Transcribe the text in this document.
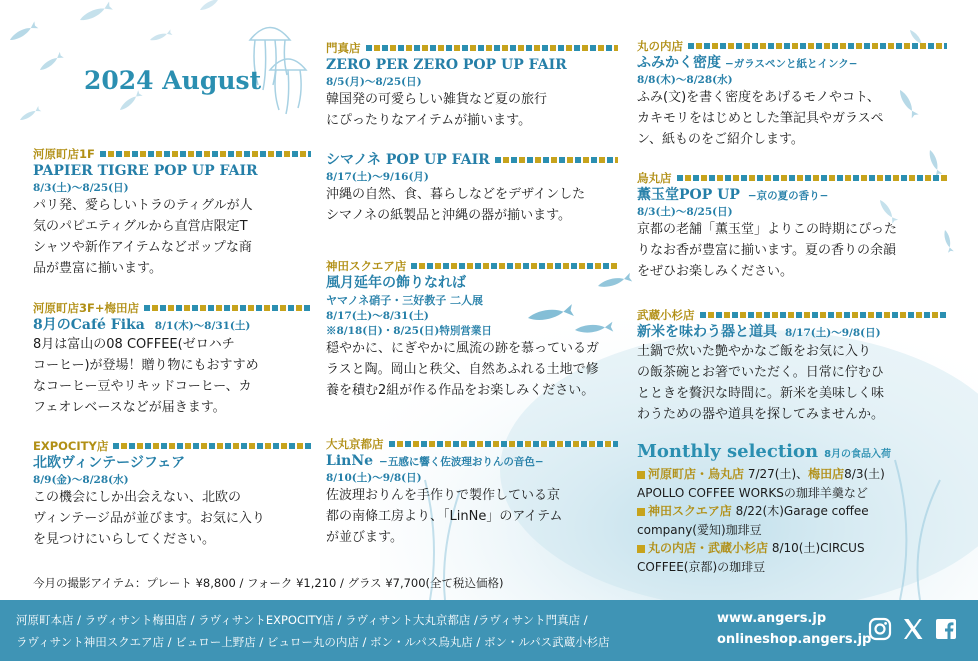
2024 August
河原町店1F
PAPIER TIGRE POP UP FAIR
8/3(土)〜8/25(日)
パリ発、愛らしいトラのティグルが人
気のパピエティグルから直営店限定T
シャツや新作アイテムなどポップな商
品が豊富に揃います。
河原町店3F+梅田店
8月のCafé Fika 8/1(木)〜8/31(土)
8月は富山の08 COFFEE(ゼロハチ
コーヒー)が登場！贈り物にもおすすめ
なコーヒー豆やリキッドコーヒー、カ
フェオレベースなどが届きます。
EXPOCITY店
北欧ヴィンテージフェア
8/9(金)〜8/28(水)
この機会にしか出会えない、北欧の
ヴィンテージ品が並びます。お気に入り
を見つけにいらしてください。
門真店
ZERO PER ZERO POP UP FAIR
8/5(月)〜8/25(日)
韓国発の可愛らしい雑貨など夏の旅行
にぴったりなアイテムが揃います。
シマノネ POP UP FAIR
8/17(土)〜9/16(月)
沖縄の自然、食、暮らしなどをデザインした
シマノネの紙製品と沖縄の器が揃います。
神田スクエア店
風月延年の飾りなれば
ヤマノネ硝子・三好教子 二人展
8/17(土)〜8/31(土)
※8/18(日)・8/25(日)特別営業日
穏やかに、にぎやかに風流の跡を慕っているガ
ラスと陶。岡山と秩父、自然あふれる土地で修
養を積む2組が作る作品をお楽しみください。
大丸京都店
LinNe −五感に響く佐波理おりんの音色−
8/10(土)〜9/8(日)
佐波理おりんを手作りで製作している京
都の南條工房より、「LinNe」のアイテム
が並びます。
丸の内店
ふみかく密度 −ガラスペンと紙とインク−
8/8(木)〜8/28(水)
ふみ(文)を書く密度をあげるモノやコト、
カキモリをはじめとした筆記具やガラスペ
ン、紙ものをご紹介します。
烏丸店
薫玉堂POP UP −京の夏の香り−
8/3(土)〜8/25(日)
京都の老舗「薫玉堂」よりこの時期にぴった
りなお香が豊富に揃います。夏の香りの余韻
をぜひお楽しみください。
武蔵小杉店
新米を味わう器と道具 8/17(土)〜9/8(日)
土鍋で炊いた艶やかなご飯をお気に入り
の飯茶碗とお箸でいただく。日常に佇むひ
とときを贅沢な時間に。新米を美味しく味
わうための器や道具を探してみませんか。
Monthly selection 8月の食品入荷
河原町店・烏丸店 7/27(土)、梅田店8/3(土)
APOLLO COFFEE WORKSの珈琲羊羹など
神田スクエア店 8/22(木)Garage coffee
company(愛知)珈琲豆
丸の内店・武蔵小杉店 8/10(土)CIRCUS
COFFEE(京都)の珈琲豆
今月の撮影アイテム：プレート ¥8,800 / フォーク ¥1,210 / グラス ¥7,700(全て税込価格)
河原町本店 / ラヴィサント梅田店 / ラヴィサントEXPOCITY店 / ラヴィサント大丸京都店 /ラヴィサント門真店 /
ラヴィサント神田スクエア店 / ビュロー上野店 / ビュロー丸の内店 / ボン・ルパス烏丸店 / ボン・ルパス武蔵小杉店
www.angers.jp
onlineshop.angers.jp
